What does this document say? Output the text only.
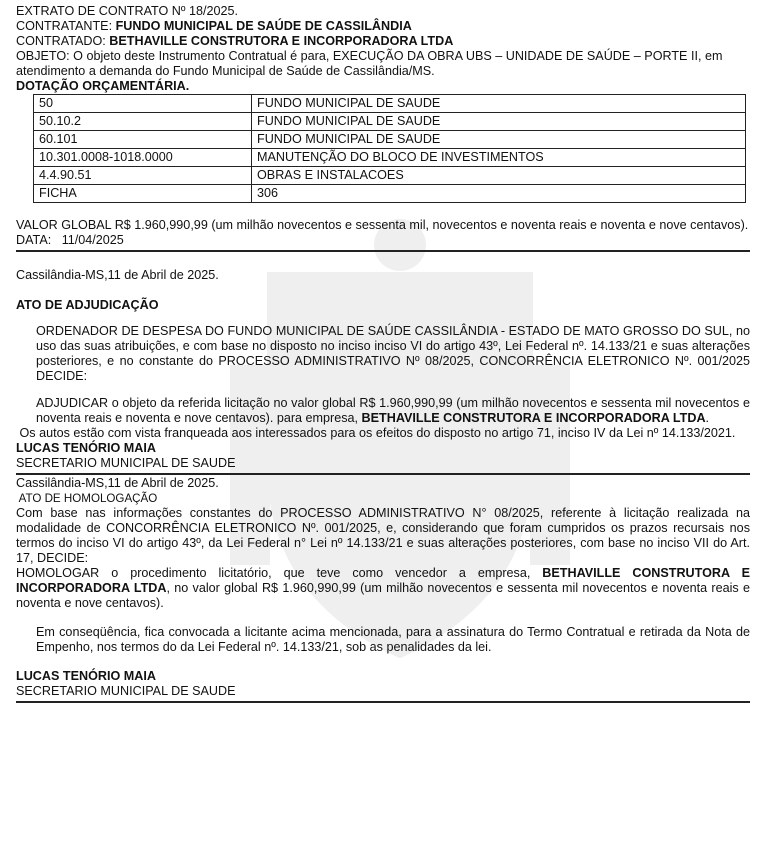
EXTRATO DE CONTRATO Nº 18/2025.

CONTRATANTE: FUNDO MUNICIPAL DE SAÚDE DE CASSILÂNDIA

CONTRATADO: BETHAVILLE CONSTRUTORA E INCORPORADORA LTDA

OBJETO: O objeto deste Instrumento Contratual é para, EXECUÇÃO DA OBRA UBS – UNIDADE DE SAÚDE – PORTE II, em atendimento a demanda do Fundo Municipal de Saúde de Cassilândia/MS.

DOTAÇÃO ORÇAMENTÁRIA.

50	FUNDO MUNICIPAL DE SAUDE
50.10.2	FUNDO MUNICIPAL DE SAUDE
60.101	FUNDO MUNICIPAL DE SAUDE
10.301.0008-1018.0000	MANUTENÇÃO DO BLOCO DE INVESTIMENTOS
4.4.90.51	OBRAS E INSTALACOES
FICHA	306

VALOR GLOBAL R$ 1.960,990,99 (um milhão novecentos e sessenta mil, novecentos e noventa reais e noventa e nove centavos).

DATA:   11/04/2025

Cassilândia-MS,11 de Abril de 2025.

ATO DE ADJUDICAÇÃO

ORDENADOR DE DESPESA DO FUNDO MUNICIPAL DE SAÚDE CASSILÂNDIA - ESTADO DE MATO GROSSO DO SUL, no uso das suas atribuições, e com base no disposto no inciso inciso VI do artigo 43º, Lei Federal nº. 14.133/21 e suas alterações posteriores, e no constante do PROCESSO ADMINISTRATIVO Nº 08/2025, CONCORRÊNCIA ELETRONICO Nº. 001/2025 DECIDE:

ADJUDICAR o objeto da referida licitação no valor global R$ 1.960,990,99 (um milhão novecentos e sessenta mil novecentos e noventa reais e noventa e nove centavos). para empresa, BETHAVILLE CONSTRUTORA E INCORPORADORA LTDA.

Os autos estão com vista franqueada aos interessados para os efeitos do disposto no artigo 71, inciso IV da Lei nº 14.133/2021.

LUCAS TENÓRIO MAIA

SECRETARIO MUNICIPAL DE SAUDE

Cassilândia-MS,11 de Abril de 2025.

ATO DE HOMOLOGAÇÃO

Com base nas informações constantes do PROCESSO ADMINISTRATIVO N° 08/2025, referente à licitação realizada na modalidade de CONCORRÊNCIA ELETRONICO Nº. 001/2025, e, considerando que foram cumpridos os prazos recursais nos termos do inciso VI do artigo 43º, da Lei Federal n° Lei nº 14.133/21 e suas alterações posteriores, com base no inciso VII do Art. 17, DECIDE:

HOMOLOGAR o procedimento licitatório, que teve como vencedor a empresa, BETHAVILLE CONSTRUTORA E INCORPORADORA LTDA, no valor global R$ 1.960,990,99 (um milhão novecentos e sessenta mil novecentos e noventa reais e noventa e nove centavos).

Em conseqüência, fica convocada a licitante acima mencionada, para a assinatura do Termo Contratual e retirada da Nota de Empenho, nos termos do da Lei Federal nº. 14.133/21, sob as penalidades da lei.

LUCAS TENÓRIO MAIA

SECRETARIO MUNICIPAL DE SAUDE
